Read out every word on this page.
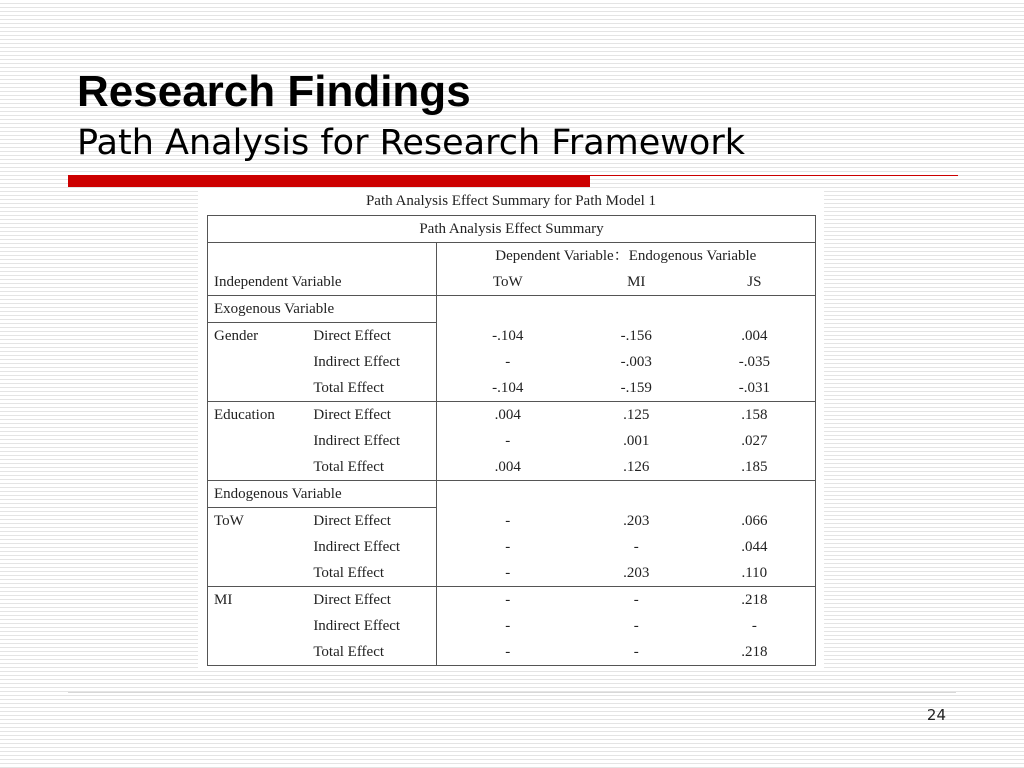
Research Findings
Path Analysis for Research Framework
Path Analysis Effect Summary for Path Model 1
Path Analysis Effect Summary				
		Dependent Variable：Endogenous Variable		
Independent Variable		ToW	MI	JS
Exogenous Variable				
Gender	Direct Effect	-.104	-.156	.004
	Indirect Effect	-	-.003	-.035
	Total Effect	-.104	-.159	-.031
Education	Direct Effect	.004	.125	.158
	Indirect Effect	-	.001	.027
	Total Effect	.004	.126	.185
Endogenous Variable				
ToW	Direct Effect	-	.203	.066
	Indirect Effect	-	-	.044
	Total Effect	-	.203	.110
MI	Direct Effect	-	-	.218
	Indirect Effect	-	-	-
	Total Effect	-	-	.218
24
